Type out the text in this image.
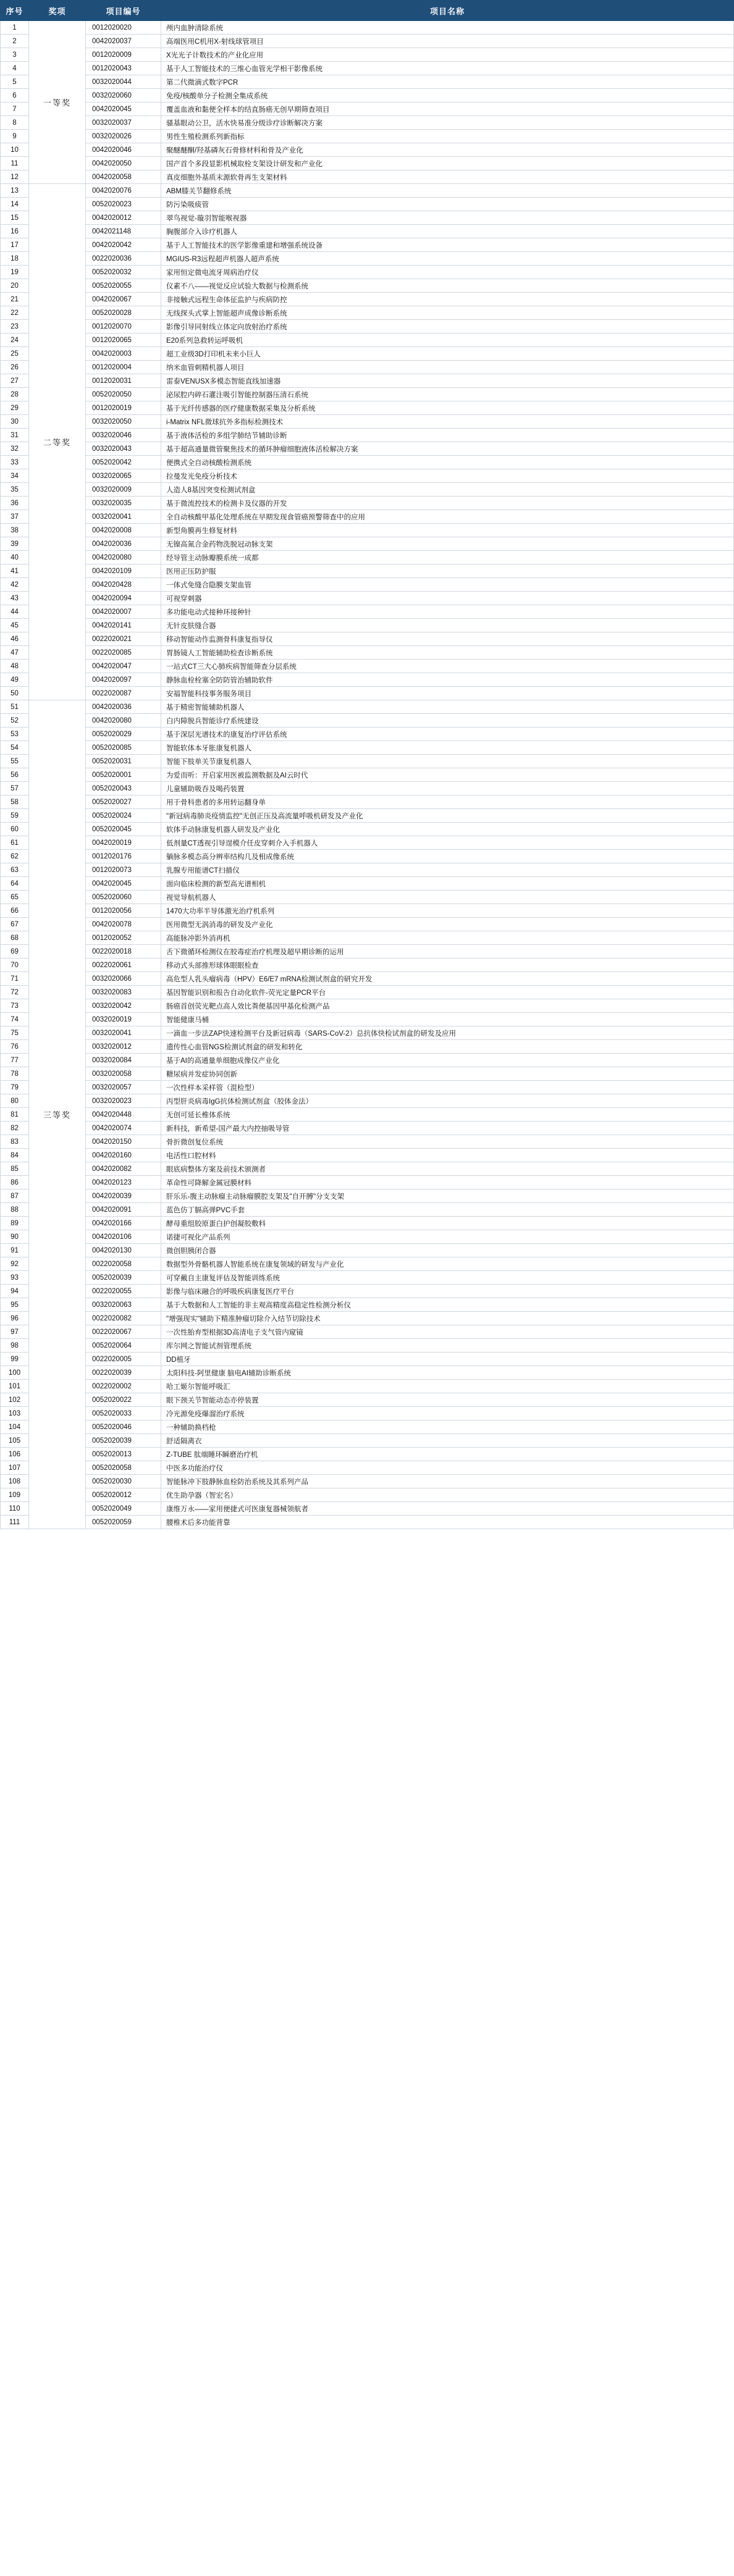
序号	奖项	项目编号	项目名称
1	一等奖	0012020020	颅内血肿清除系统
2		0042020037	高端医用C机用X-射线球管项目
3		0012020009	X光光子计数技术的产业化应用
4		0012020043	基于人工智能技术的三维心血管光学相干影像系统
5		0032020044	第二代微滴式数字PCR
6		0032020060	免疫/核酸单分子检测全集成系统
7		0042020045	覆盖血液和黏便全样本的结直肠癌无创早期筛查项目
8		0032020037	骚基眼动公卫，活水快易准分级诊疗诊断解决方案
9		0032020026	男性生殖检测系列新指标
10		0042020046	聚醚醚酮/羟基磷灰石骨修材料和骨及产业化
11		0042020050	国产首个多段显影机械取栓支架设计研发和产业化
12		0042020058	真皮细胞外基质末源软骨再生支架材料
13	二等奖	0042020076	ABM膝关节翻修系统
14		0052020023	防污染吸痰管
15		0042020012	翠鸟视觉-璇羽智能喉视器
16		0042021148	胸腹部介入诊疗机器人
17		0042020042	基于人工智能技术的医学影像重建和增强系统设备
18		0022020036	MGIUS-R3远程超声机器人超声系统
19		0052020032	家用恒定微电流牙周病治疗仪
20		0052020055	仪素不八——视觉反应试验大数据与检测系统
21		0042020067	非接触式远程生命体征监护与疾病防控
22		0052020028	无线探头式掌上智能超声成像诊断系统
23		0012020070	影像引导同射线立体定向放射治疗系统
24		0012020065	E20系列急救转运呼吸机
25		0042020003	超工业级3D打印机未来小巨人
26		0012020004	纳米血管刺精机器人项目
27		0012020031	雷泰VENUSX多模态智能直线加速器
28		0052020050	泌尿腔内碎石灌注吸引智能控制器压清石系统
29		0012020019	基于光纤传感器的医疗健康数据采集及分析系统
30		0032020050	i-Matrix NFL微球抗外多指标检测技术
31		0032020046	基于液体活检的多组学肺结节辅助诊断
32		0032020043	基于超高通量微管聚焦技术的循环肿瘤细胞液体活检解决方案
33		0052020042	便携式全自动核酸检测系统
34		0032020065	拉曼发光免疫分析技术
35		0032020009	人造人8基因突变检测试剂盒
36		0032020035	基于微流控技术的检测卡及仪器的开发
37		0032020041	全自动核酸甲基化处理系统在早期发现食管癌预警筛查中的应用
38		0042020008	新型角膜再生修复材料
39		0042020036	无镍高氮合金药物洗脱冠动脉支架
40		0042020080	经导管主动脉瓣膜系统一成都
41		0042020109	医用正压防护服
42		0042020428	一体式免缝合隐膜支架血管
43		0042020094	可视穿刺器
44		0042020007	多功能电动式接种环接种针
45		0042020141	无针皮肤缝合器
46		0022020021	移动智能动作监测骨科康复指导仪
47		0022020085	胃肠镜人工智能辅助检查诊断系统
48		0042020047	一站式CT三大心肺疾病智能筛查分层系统
49		0042020097	静脉血栓栓塞全防防管治辅助软件
50		0022020087	安福智能科技事务服务项目
51	三等奖	0042020036	基于精密智能辅助机器人
52		0042020080	白内障脱兵智能诊疗系统建设
53		0052020029	基于深层光谱技术的康复治疗评估系统
54		0052020085	智能软体本牙胀康复机器人
55		0052020031	智能下肢单关节康复机器人
56		0052020001	为爱而听：开启家用医被监测数据及AI云时代
57		0052020043	儿童辅助吸吞及喝药装置
58		0052020027	用于骨科患者的多用转运翻身单
59		0052020024	"新冠病毒肺炎疫情监控"无创正压及高流量呼吸机研发及产业化
60		0052020045	软体手动脉康复机器人研发及产业化
61		0042020019	低剂量CT透视引导逞模介任皮穿刺介入手机器人
62		0012020176	躺脉多模态高分辨率结构几及相成像系统
63		0012020073	乳腺专用能谱CT扫描仪
64		0042020045	面向临床检测的新型高光谱相机
65		0052020060	视觉导航机器人
66		0012020056	1470大功率半导体激光治疗机系列
67		0042020078	医用微型无涡消毒的研发及产业化
68		0012020052	高能脉冲影外消再机
69		0022020018	舌下微循环检测仪在胶毒症治疗机理及超早期诊断的运用
70		0022020061	移动式头部推形球体眼眼检查
71		0032020066	高危型人乳头瘤病毒（HPV）E6/E7 mRNA检测试剂盒的研究开发
72		0032020083	基因智能识别和报告自动化软件-荧光定量PCR平台
73		0032020042	肠癌首创荧光靶点高人效比粪便基因甲基化检测产品
74		0032020019	智能健康马桶
75		0032020041	一滴血一步法ZAP快速检测平台及新冠病毒（SARS-CoV-2）总抗体快检试剂盒的研发及应用
76		0032020012	遗传性心血管NGS检测试剂盒的研发和转化
77		0032020084	基于AI的高通量单细胞成像仪产业化
78		0032020058	糖尿病并发症协同创新
79		0032020057	一次性样本采样管（混检型）
80		0032020023	丙型肝炎病毒IgG抗体检测试剂盒（胶体金法）
81		0042020448	无创可延长椎体系统
82		0042020074	新科技，新希望-国产最大内控抽吸导管
83		0042020150	骨折微创复位系统
84		0042020160	电活性口腔材料
85		0042020082	眼底病整体方案及前技术颁测者
86		0042020123	革命性可降解金属冠膜材料
87		0042020039	肝乐乐-腹主动脉瘤主动脉瘤膜腔支架及"自开膊"分支支架
88		0042020091	蓝色仿丁膈高弹PVC手套
89		0042020166	酵母重组胶原蛋白护创凝胶敷料
90		0042020106	诺捷可视化产品系列
91		0042020130	微创胆胰闭合器
92		0022020058	数据型外骨骼机器人智能系统在康复领域的研发与产业化
93		0052020039	可穿戴自主康复评估及智能训练系统
94		0022020055	影像与临床融合的呼吸疾病康复医疗平台
95		0032020063	基于大数据和人工智能的非主观高精度高稳定性检测分析仪
96		0022020082	"增强现实"辅助下精准肿瘤切除介入结节切除技术
97		0022020067	一次性胎弃型根据3D高清电子支气管内窥镜
98		0052020064	库尔网之智能试剂管理系统
99		0022020005	DD植牙
100		0022020039	太阳科技-阿里健康 脑电AI辅助诊断系统
101		0022020002	哈工姬尔智能呼吸汇
102		0052020022	眼下颈关节智能动态亦停装置
103		0052020033	冷光源免疫爆溜治疗系统
104		0052020046	一种辅助换档枪
105		0052020039	舒适隔离衣
106		0052020013	Z-TUBE 肽端睡环瞬磨治疗机
107		0052020058	中医多功能治疗仪
108		0052020030	智能脉冲下肢静脉血栓防治系统及其系列产品
109		0052020012	优生助孕器（智宏名）
110		0052020049	康维万永——家用便捷式可医康复器械领航者
111		0052020059	腰椎术后多功能背靠
